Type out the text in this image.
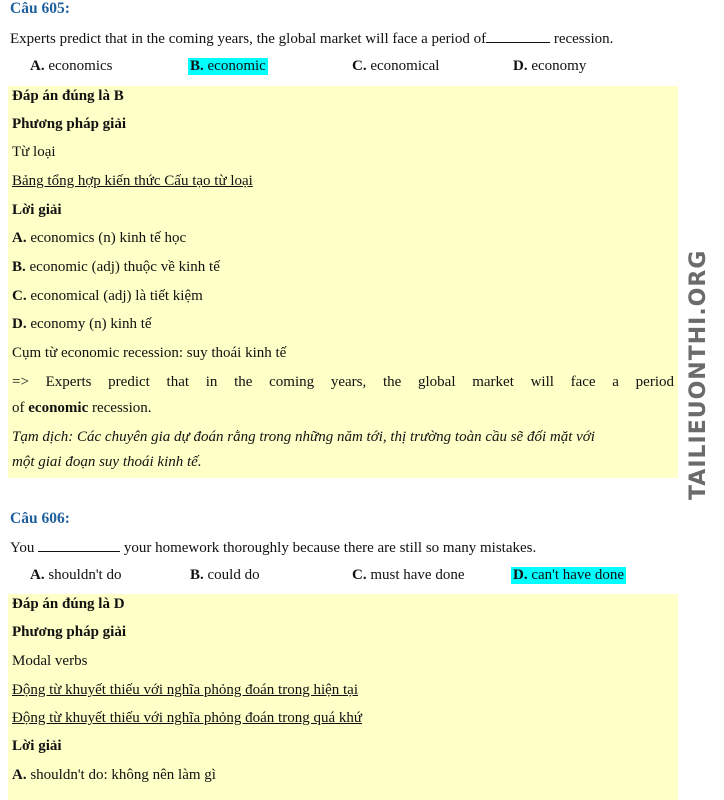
Câu 605:
Experts predict that in the coming years, the global market will face a period of	recession.
A. economics	B. economic	C. economical	D. economy
Đáp án đúng là B
Phương pháp giải
Từ loại
Bảng tổng hợp kiến thức Cấu tạo từ loại
Lời giải
A. economics (n) kinh tế học
B. economic (adj) thuộc về kinh tế
C. economical (adj) là tiết kiệm
D. economy (n) kinh tế
Cụm từ economic recession: suy thoái kinh tế
=> Experts predict that in the coming years, the global market will face a period
of economic recession.
Tạm dịch: Các chuyên gia dự đoán rằng trong những năm tới, thị trường toàn cầu sẽ đối mặt với
một giai đoạn suy thoái kinh tế.
Câu 606:
You	your homework thoroughly because there are still so many mistakes.
A. shouldn't do	B. could do	C. must have done	D. can't have done
Đáp án đúng là D
Phương pháp giải
Modal verbs
Động từ khuyết thiếu với nghĩa phỏng đoán trong hiện tại
Động từ khuyết thiếu với nghĩa phỏng đoán trong quá khứ
Lời giải
A. shouldn't do: không nên làm gì
TAILIEUONTHI.ORG
